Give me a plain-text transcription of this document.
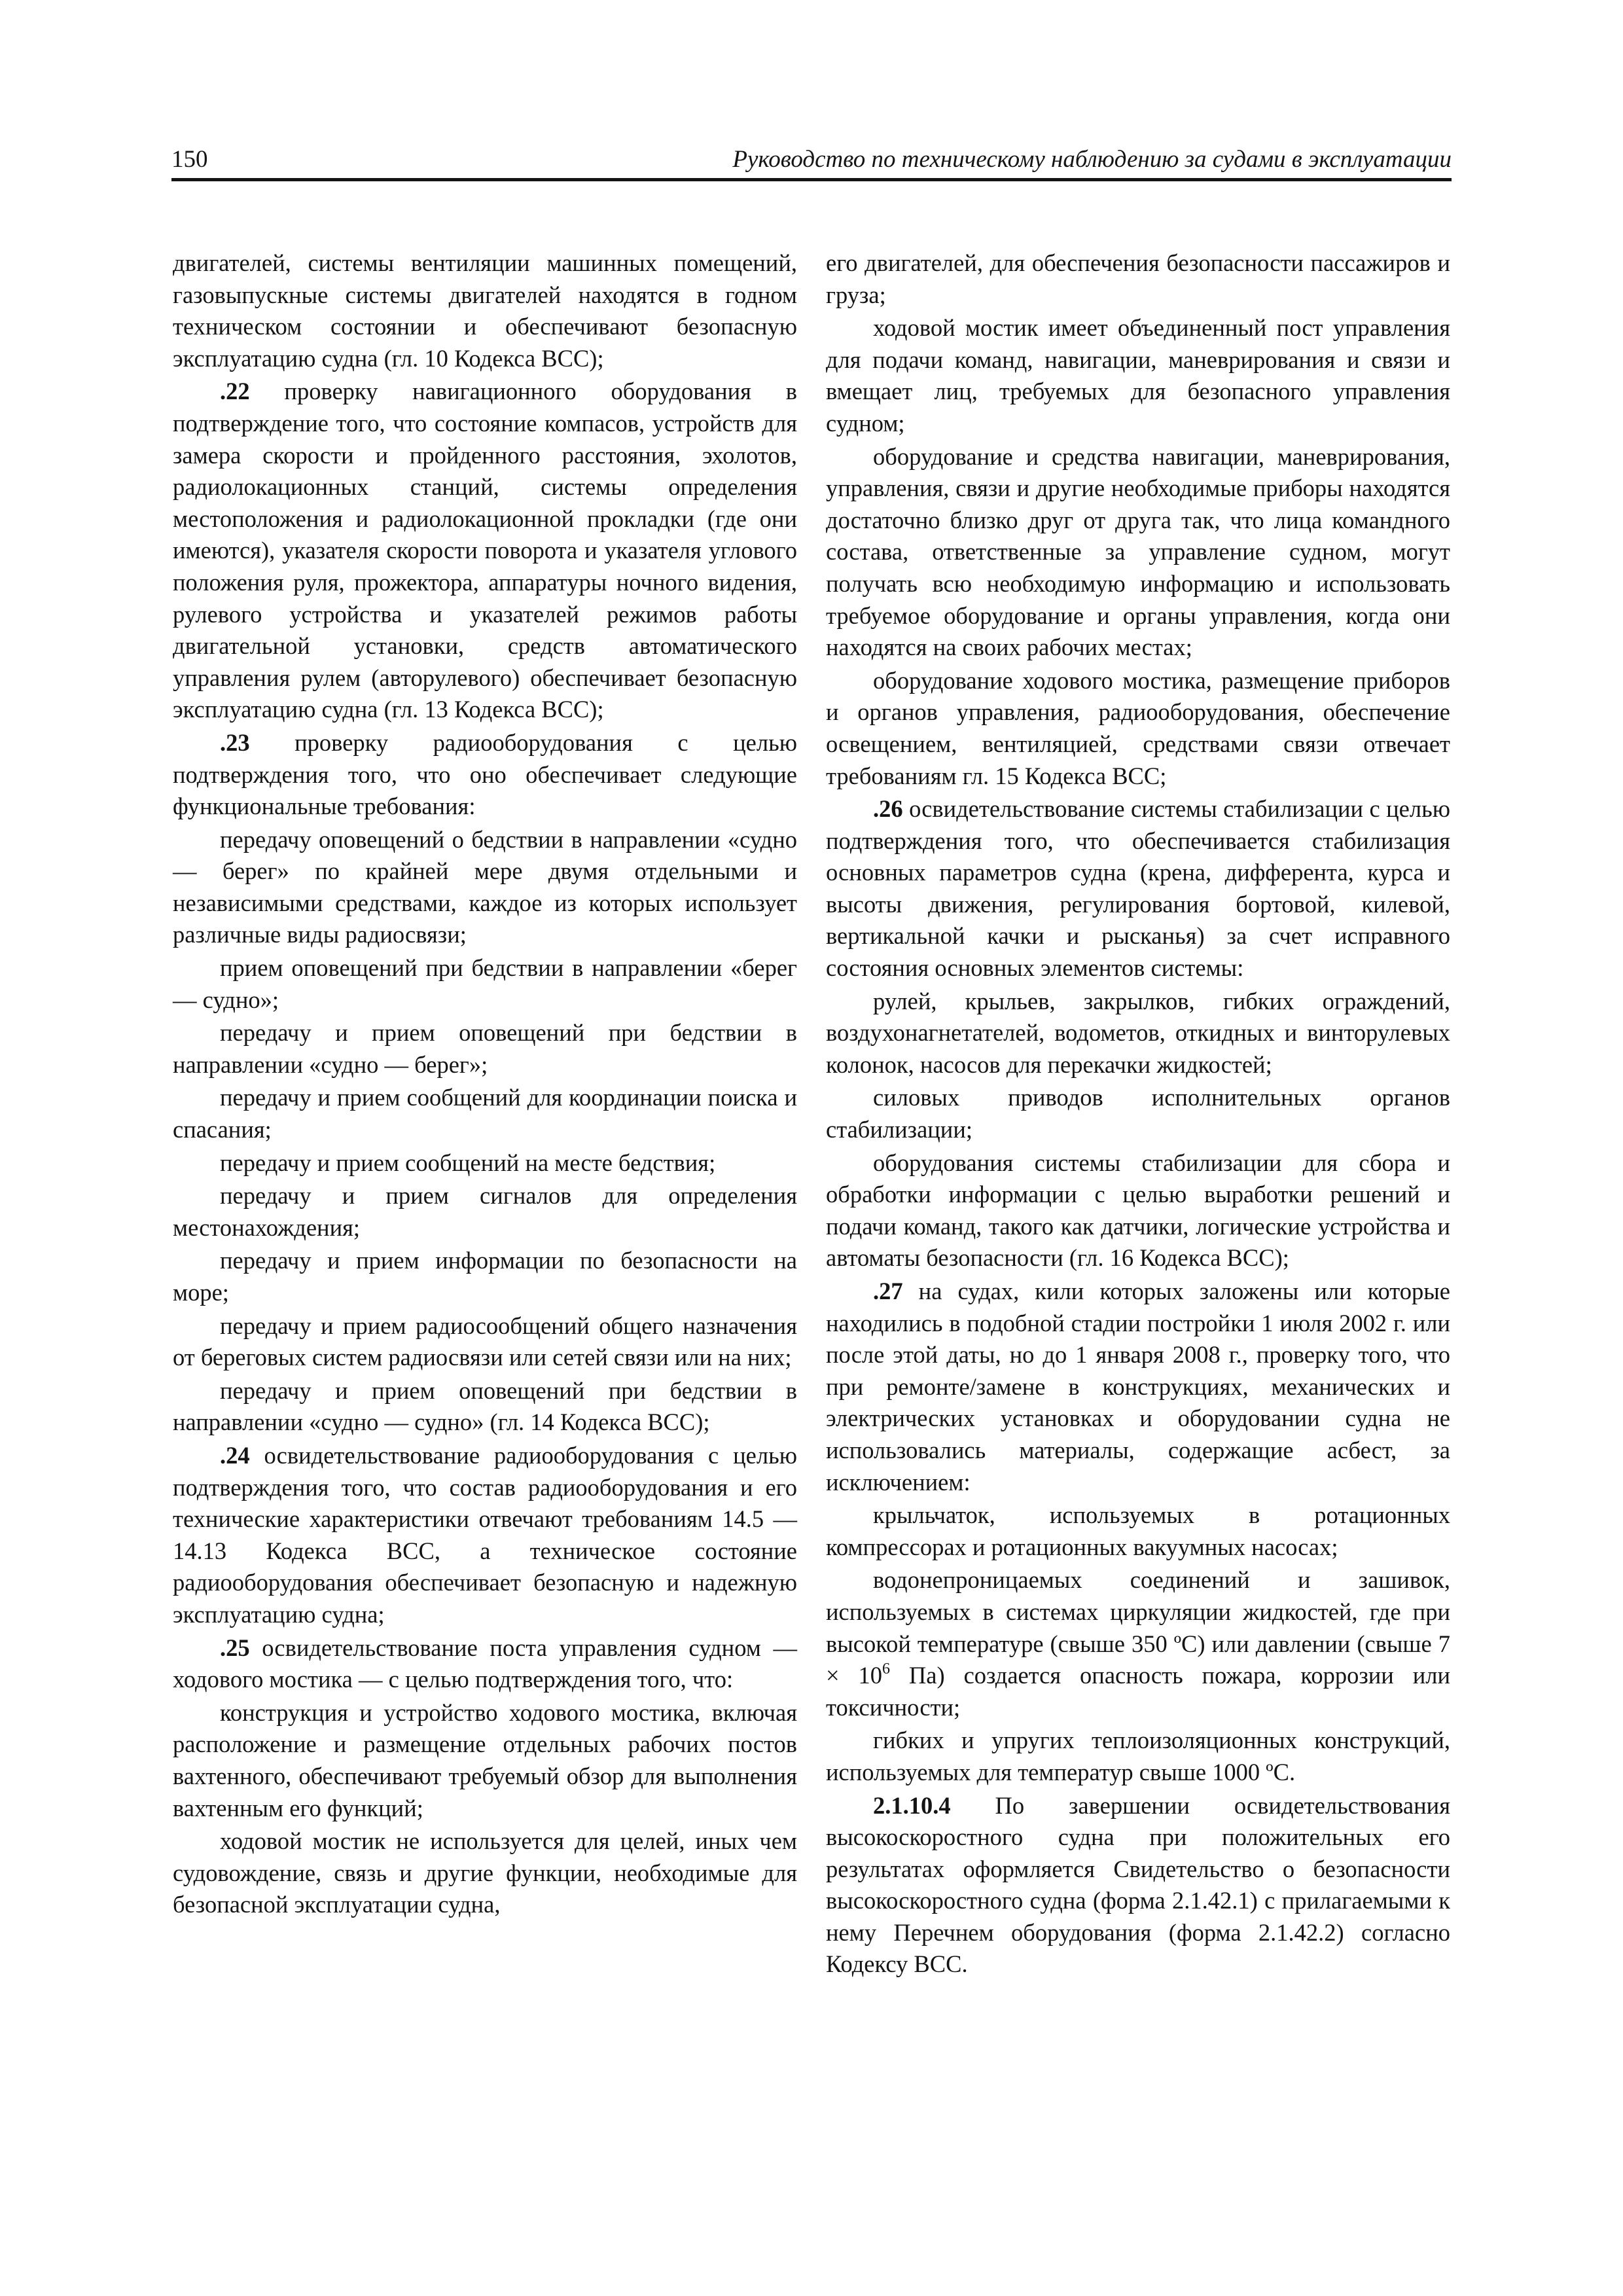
150	Руководство по техническому наблюдению за судами в эксплуатации

двигателей, системы вентиляции машинных помещений, газовыпускные системы двигателей находятся в годном техническом состоянии и обеспечивают безопасную эксплуатацию судна (гл. 10 Кодекса ВСС);

.22 проверку навигационного оборудования в подтверждение того, что состояние компасов, устройств для замера скорости и пройденного расстояния, эхолотов, радиолокационных станций, системы определения местоположения и радиолокационной прокладки (где они имеются), указателя скорости поворота и указателя углового положения руля, прожектора, аппаратуры ночного видения, рулевого устройства и указателей режимов работы двигательной установки, средств автоматического управления рулем (авторулевого) обеспечивает безопасную эксплуатацию судна (гл. 13 Кодекса ВСС);

.23 проверку радиооборудования с целью подтверждения того, что оно обеспечивает следующие функциональные требования:

передачу оповещений о бедствии в направлении «судно — берег» по крайней мере двумя отдельными и независимыми средствами, каждое из которых использует различные виды радиосвязи;

прием оповещений при бедствии в направлении «берег — судно»;

передачу и прием оповещений при бедствии в направлении «судно — берег»;

передачу и прием сообщений для координации поиска и спасания;

передачу и прием сообщений на месте бедствия;

передачу и прием сигналов для определения местонахождения;

передачу и прием информации по безопасности на море;

передачу и прием радиосообщений общего назначения от береговых систем радиосвязи или сетей связи или на них;

передачу и прием оповещений при бедствии в направлении «судно — судно» (гл. 14 Кодекса ВСС);

.24 освидетельствование радиооборудования с целью подтверждения того, что состав радиооборудования и его технические характеристики отвечают требованиям 14.5 — 14.13 Кодекса ВСС, а техническое состояние радиооборудования обеспечивает безопасную и надежную эксплуатацию судна;

.25 освидетельствование поста управления судном — ходового мостика — с целью подтверждения того, что:

конструкция и устройство ходового мостика, включая расположение и размещение отдельных рабочих постов вахтенного, обеспечивают требуемый обзор для выполнения вахтенным его функций;

ходовой мостик не используется для целей, иных чем судовождение, связь и другие функции, необходимые для безопасной эксплуатации судна,

его двигателей, для обеспечения безопасности пассажиров и груза;

ходовой мостик имеет объединенный пост управления для подачи команд, навигации, маневрирования и связи и вмещает лиц, требуемых для безопасного управления судном;

оборудование и средства навигации, маневрирования, управления, связи и другие необходимые приборы находятся достаточно близко друг от друга так, что лица командного состава, ответственные за управление судном, могут получать всю необходимую информацию и использовать требуемое оборудование и органы управления, когда они находятся на своих рабочих местах;

оборудование ходового мостика, размещение приборов и органов управления, радиооборудования, обеспечение освещением, вентиляцией, средствами связи отвечает требованиям гл. 15 Кодекса ВСС;

.26 освидетельствование системы стабилизации с целью подтверждения того, что обеспечивается стабилизация основных параметров судна (крена, дифферента, курса и высоты движения, регулирования бортовой, килевой, вертикальной качки и рысканья) за счет исправного состояния основных элементов системы:

рулей, крыльев, закрылков, гибких ограждений, воздухонагнетателей, водометов, откидных и винторулевых колонок, насосов для перекачки жидкостей;

силовых приводов исполнительных органов стабилизации;

оборудования системы стабилизации для сбора и обработки информации с целью выработки решений и подачи команд, такого как датчики, логические устройства и автоматы безопасности (гл. 16 Кодекса ВСС);

.27 на судах, кили которых заложены или которые находились в подобной стадии постройки 1 июля 2002 г. или после этой даты, но до 1 января 2008 г., проверку того, что при ремонте/замене в конструкциях, механических и электрических установках и оборудовании судна не использовались материалы, содержащие асбест, за исключением:

крыльчаток, используемых в ротационных компрессорах и ротационных вакуумных насосах;

водонепроницаемых соединений и зашивок, используемых в системах циркуляции жидкостей, где при высокой температуре (свыше 350 ºС) или давлении (свыше $7 \times 10^6$ Па) создается опасность пожара, коррозии или токсичности;

гибких и упругих теплоизоляционных конструкций, используемых для температур свыше 1000 ºС.

2.1.10.4 По завершении освидетельствования высокоскоростного судна при положительных его результатах оформляется Свидетельство о безопасности высокоскоростного судна (форма 2.1.42.1) с прилагаемыми к нему Перечнем оборудования (форма 2.1.42.2) согласно Кодексу ВСС.
